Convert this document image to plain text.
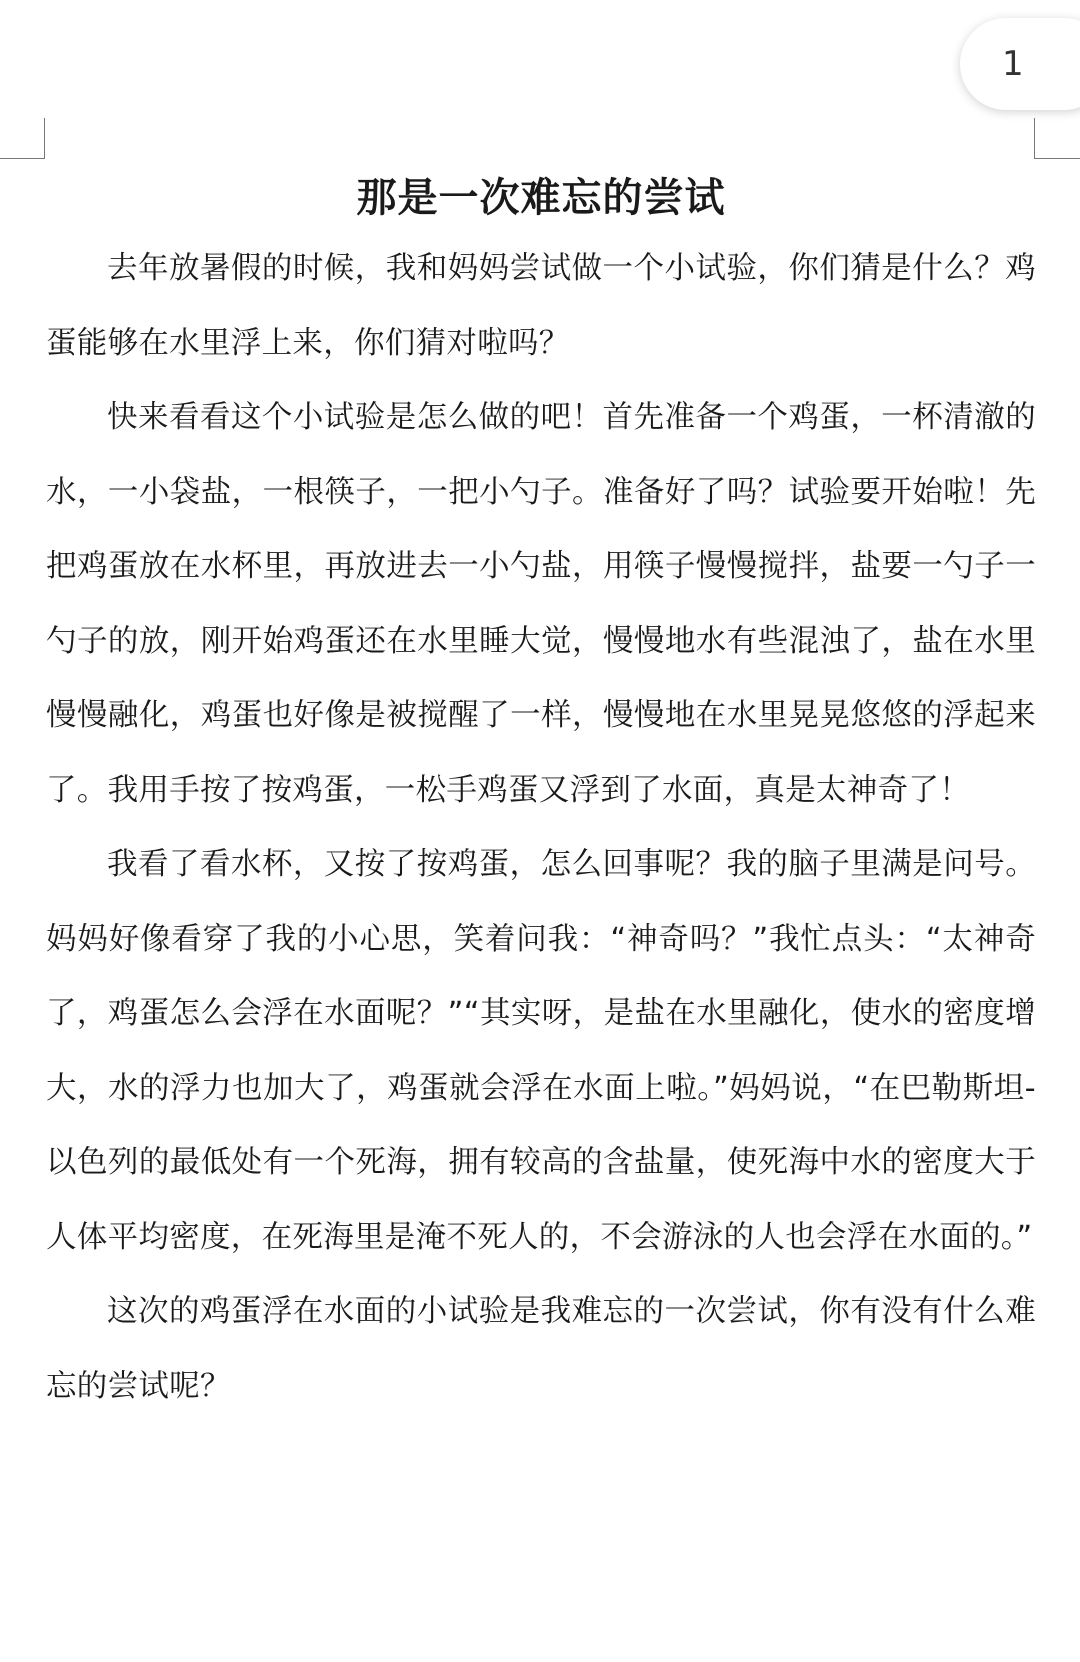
1
那是一次难忘的尝试

去年放暑假的时候，我和妈妈尝试做一个小试验，你们猜是什么？鸡蛋能够在水里浮上来，你们猜对啦吗？

快来看看这个小试验是怎么做的吧！首先准备一个鸡蛋，一杯清澈的水，一小袋盐，一根筷子，一把小勺子。准备好了吗？试验要开始啦！先把鸡蛋放在水杯里，再放进去一小勺盐，用筷子慢慢搅拌，盐要一勺子一勺子的放，刚开始鸡蛋还在水里睡大觉，慢慢地水有些混浊了，盐在水里慢慢融化，鸡蛋也好像是被搅醒了一样，慢慢地在水里晃晃悠悠的浮起来了。我用手按了按鸡蛋，一松手鸡蛋又浮到了水面，真是太神奇了！

我看了看水杯，又按了按鸡蛋，怎么回事呢？我的脑子里满是问号。妈妈好像看穿了我的小心思，笑着问我：“神奇吗？”我忙点头：“太神奇了，鸡蛋怎么会浮在水面呢？”“其实呀，是盐在水里融化，使水的密度增大，水的浮力也加大了，鸡蛋就会浮在水面上啦。”妈妈说，“在巴勒斯坦-以色列的最低处有一个死海，拥有较高的含盐量，使死海中水的密度大于人体平均密度，在死海里是淹不死人的，不会游泳的人也会浮在水面的。”

这次的鸡蛋浮在水面的小试验是我难忘的一次尝试，你有没有什么难忘的尝试呢？
